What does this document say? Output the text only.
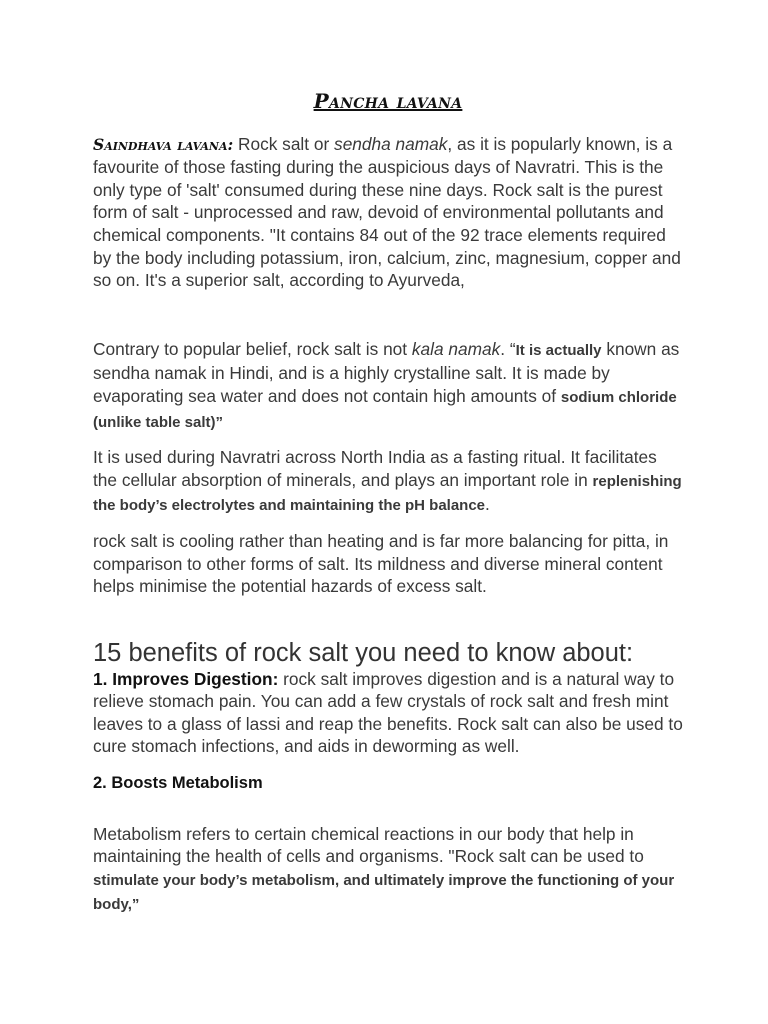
Pancha lavana

Saindhava lavana: Rock salt or sendha namak, as it is popularly known, is a favourite of those fasting during the auspicious days of Navratri. This is the only type of 'salt' consumed during these nine days. Rock salt is the purest form of salt - unprocessed and raw, devoid of environmental pollutants and chemical components. "It contains 84 out of the 92 trace elements required by the body including potassium, iron, calcium, zinc, magnesium, copper and so on. It's a superior salt, according to Ayurveda,

Contrary to popular belief, rock salt is not kala namak. “It is actually known as sendha namak in Hindi, and is a highly crystalline salt. It is made by evaporating sea water and does not contain high amounts of sodium chloride (unlike table salt)”

It is used during Navratri across North India as a fasting ritual. It facilitates the cellular absorption of minerals, and plays an important role in replenishing the body’s electrolytes and maintaining the pH balance.

rock salt is cooling rather than heating and is far more balancing for pitta, in comparison to other forms of salt. Its mildness and diverse mineral content helps minimise the potential hazards of excess salt.

15 benefits of rock salt you need to know about:

1. Improves Digestion: rock salt improves digestion and is a natural way to relieve stomach pain. You can add a few crystals of rock salt and fresh mint leaves to a glass of lassi and reap the benefits. Rock salt can also be used to cure stomach infections, and aids in deworming as well.

2. Boosts Metabolism

Metabolism refers to certain chemical reactions in our body that help in maintaining the health of cells and organisms. "Rock salt can be used to stimulate your body’s metabolism, and ultimately improve the functioning of your body,”
